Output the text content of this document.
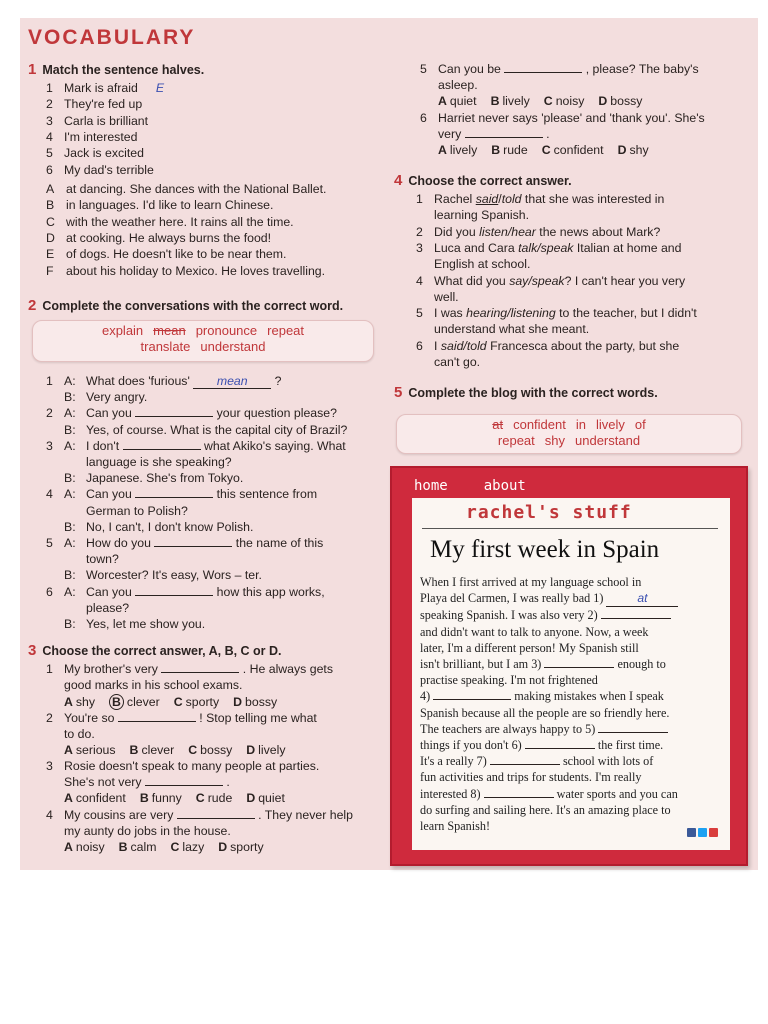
VOCABULARY
1 Match the sentence halves.
1 Mark is afraid E
2 They're fed up
3 Carla is brilliant
4 I'm interested
5 Jack is excited
6 My dad's terrible
A at dancing. She dances with the National Ballet.
B in languages. I'd like to learn Chinese.
C with the weather here. It rains all the time.
D at cooking. He always burns the food!
E of dogs. He doesn't like to be near them.
F about his holiday to Mexico. He loves travelling.
2 Complete the conversations with the correct word.
explain mean pronounce repeat
translate understand
1 A: What does 'furious' mean ?
B: Very angry.
2 A: Can you	your question please?
B: Yes, of course. What is the capital city of Brazil?
3 A: I don't	what Akiko's saying. What
language is she speaking?
B: Japanese. She's from Tokyo.
4 A: Can you	this sentence from
German to Polish?
B: No, I can't, I don't know Polish.
5 A: How do you	the name of this
town?
B: Worcester? It's easy, Wors – ter.
6 A: Can you	how this app works,
please?
B: Yes, let me show you.
3 Choose the correct answer, A, B, C or D.
1 My brother's very	. He always gets
good marks in his school exams.
A shy B clever C sporty D bossy
2 You're so	! Stop telling me what
to do.
A serious B clever C bossy D lively
3 Rosie doesn't speak to many people at parties.
She's not very	.
A confident B funny C rude D quiet
4 My cousins are very	. They never help
my aunty do jobs in the house.
A noisy B calm C lazy D sporty
5 Can you be	, please? The baby's
asleep.
A quiet B lively C noisy D bossy
6 Harriet never says 'please' and 'thank you'. She's
very	.
A lively B rude C confident D shy
4 Choose the correct answer.
1 Rachel said/told that she was interested in
learning Spanish.
2 Did you listen/hear the news about Mark?
3 Luca and Cara talk/speak Italian at home and
English at school.
4 What did you say/speak? I can't hear you very
well.
5 I was hearing/listening to the teacher, but I didn't
understand what she meant.
6 I said/told Francesca about the party, but she
can't go.
5 Complete the blog with the correct words.
at confident in lively of
repeat shy understand
home	about
rachel's stuff
My first week in Spain

When I first arrived at my language school in

Playa del Carmen, I was really bad 1)	at

speaking Spanish. I was also very 2)

and didn't want to talk to anyone. Now, a week

later, I'm a different person! My Spanish still

isn't brilliant, but I am 3)	enough to

practise speaking. I'm not frightened

4)	making mistakes when I speak

Spanish because all the people are so friendly here.

The teachers are always happy to 5)

things if you don't 6)	the first time.

It's a really 7)	school with lots of

fun activities and trips for students. I'm really

interested 8)	water sports and you can

do surfing and sailing here. It's an amazing place to

learn Spanish!
